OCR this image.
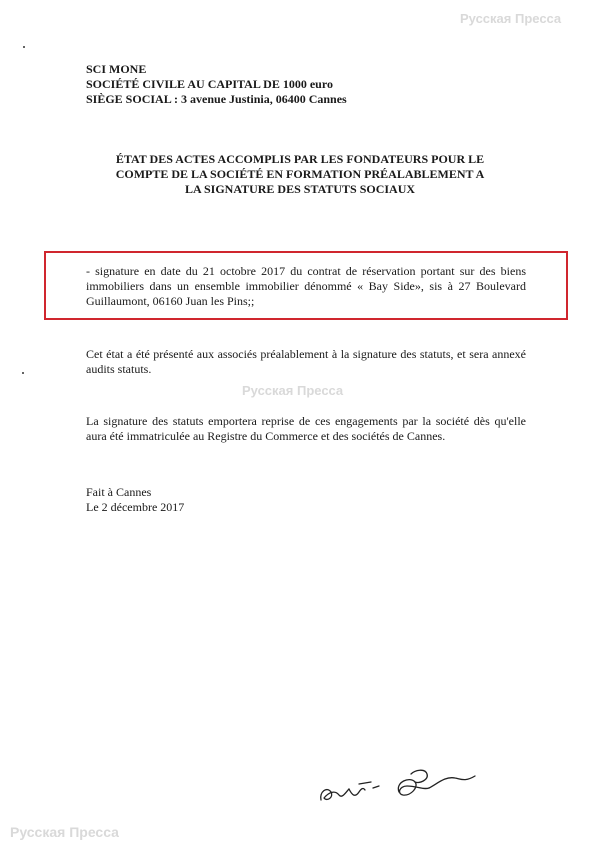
Русская Пресса
Русская Пресса
Русская Пресса
SCI MONE
SOCIÉTÉ CIVILE AU CAPITAL DE 1000 euro
SIÈGE SOCIAL : 3 avenue Justinia, 06400 Cannes
ÉTAT DES ACTES ACCOMPLIS PAR LES FONDATEURS POUR LE COMPTE DE LA SOCIÉTÉ EN FORMATION PRÉALABLEMENT A LA SIGNATURE DES STATUTS SOCIAUX
- signature en date du 21 octobre 2017 du contrat de réservation portant sur des biens immobiliers dans un ensemble immobilier dénommé « Bay Side», sis à 27 Boulevard Guillaumont, 06160 Juan les Pins;;
Cet état a été présenté aux associés préalablement à la signature des statuts, et sera annexé audits statuts.
La signature des statuts emportera reprise de ces engagements par la société dès qu'elle aura été immatriculée au Registre du Commerce et des sociétés de Cannes.
Fait à Cannes
Le 2 décembre 2017
